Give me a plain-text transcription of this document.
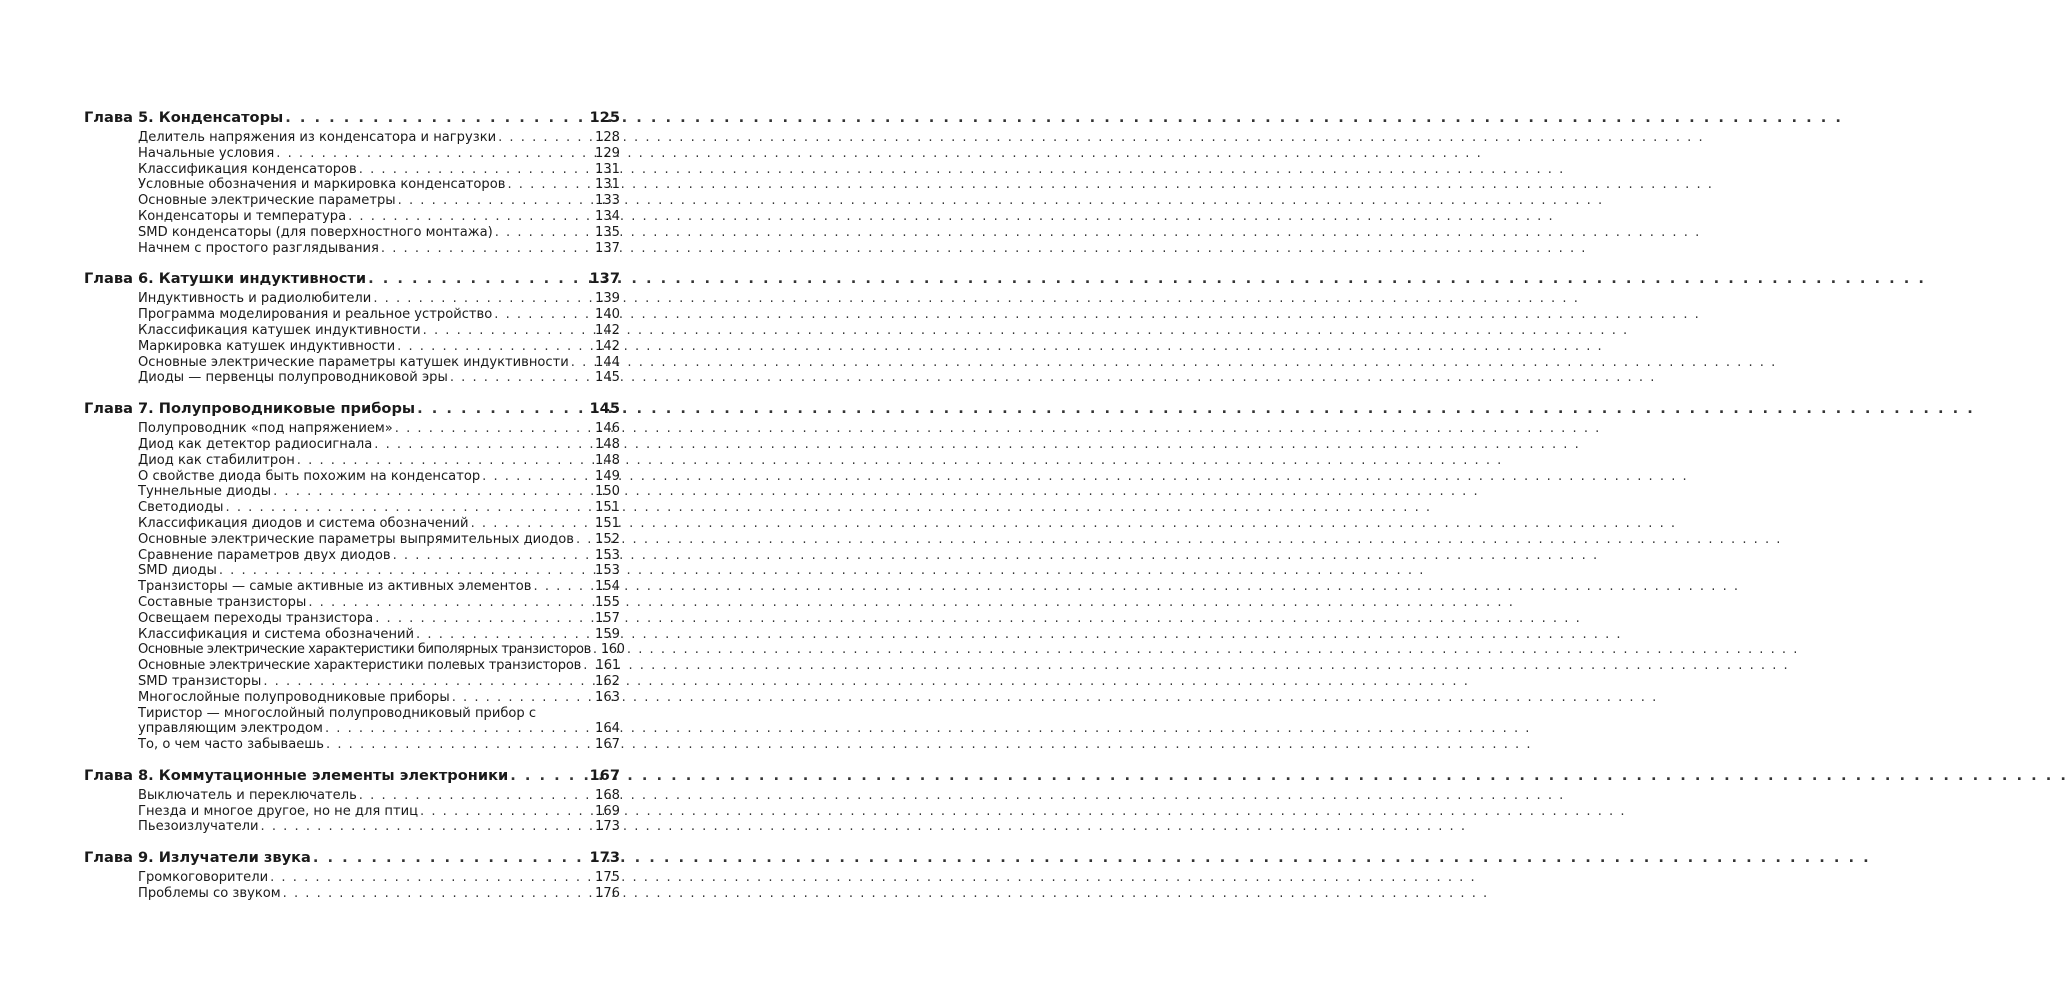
Глава 5. Конденсаторы . . .	125
Делитель напряжения из конденсатора и нагрузки . . .	128
Начальные условия . . .	129
Классификация конденсаторов . . .	131
Условные обозначения и маркировка конденсаторов . . .	131
Основные электрические параметры . . .	133
Конденсаторы и температура . . .	134
SMD конденсаторы (для поверхностного монтажа) . . .	135
Начнем с простого разглядывания . . .	137
Глава 6. Катушки индуктивности . . .	137
Индуктивность и радиолюбители . . .	139
Программа моделирования и реальное устройство . . .	140
Классификация катушек индуктивности . . .	142
Маркировка катушек индуктивности . . .	142
Основные электрические параметры катушек индуктивности . . . 144
Диоды — первенцы полупроводниковой эры . . .	145
Глава 7. Полупроводниковые приборы . . .	145
Полупроводник «под напряжением» . . .	146
Диод как детектор радиосигнала . . .	148
Диод как стабилитрон . . .	148
О свойстве диода быть похожим на конденсатор . . .	149
Туннельные диоды . . .	150
Светодиоды . . .	151
Классификация диодов и система обозначений . . .	151
Основные электрические параметры выпрямительных диодов . . . 152
Сравнение параметров двух диодов . . .	153
SMD диоды . . .	153
Транзисторы — самые активные из активных элементов . . .	154
Составные транзисторы . . .	155
Освещаем переходы транзистора . . .	157
Классификация и система обозначений . . .	159
Основные электрические характеристики биполярных транзисторов . . . 160
Основные электрические характеристики полевых транзисторов . . . 161
SMD транзисторы . . .	162
Многослойные полупроводниковые приборы . . .	163
Тиристор — многослойный полупроводниковый прибор с
управляющим электродом . . .	164
То, о чем часто забываешь . . .	167
Глава 8. Коммутационные элементы электроники . . .	167
Выключатель и переключатель . . .	168
Гнезда и многое другое, но не для птиц . . .	169
Пьезоизлучатели . . .	173
Глава 9. Излучатели звука . . .	173
Громкоговорители . . .	175
Проблемы со звуком . . .	176
